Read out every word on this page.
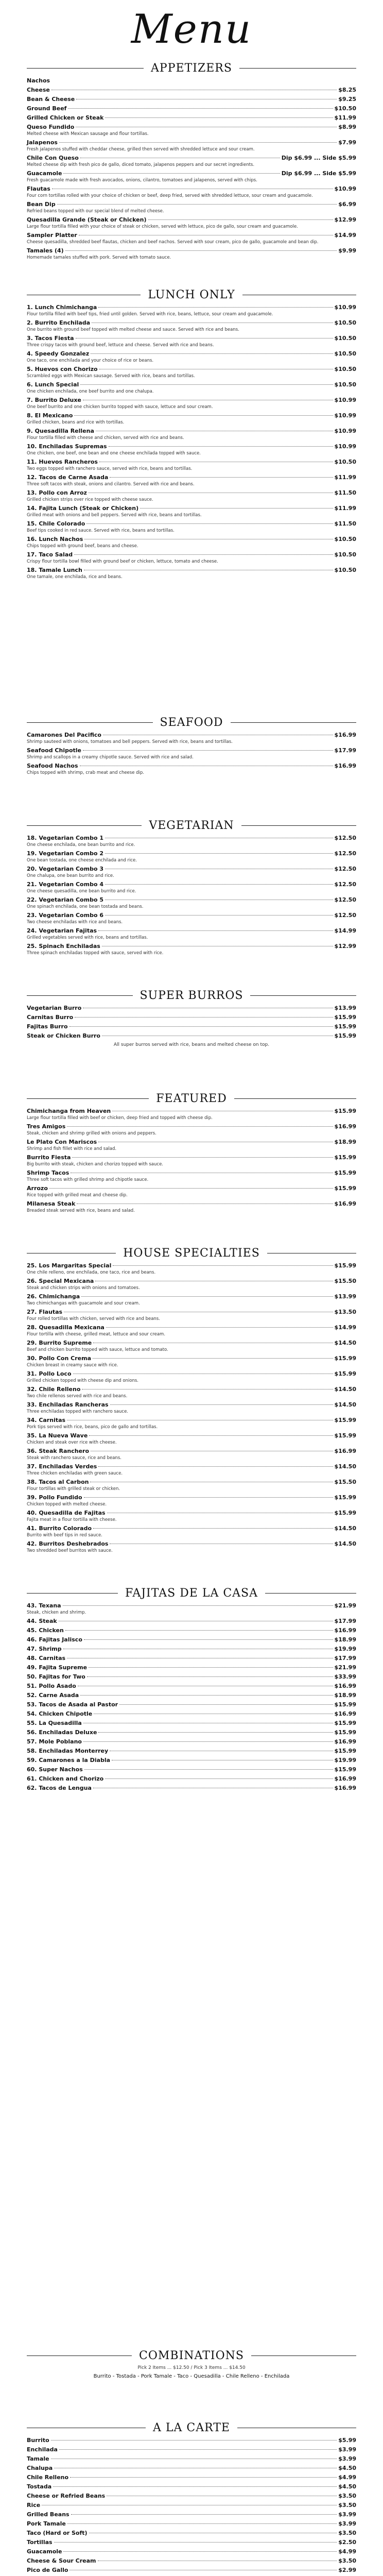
Menu
APPETIZERS
Nachos
Cheese	$8.25
Bean & Cheese	$9.25
Ground Beef	$10.50
Grilled Chicken or Steak	$11.99
Queso Fundido	$8.99
Melted cheese with Mexican sausage and flour tortillas.
Jalapenos	$7.99
Fresh jalapenos stuffed with cheddar cheese, grilled then served with shredded lettuce and sour cream.
Chile Con Queso	Dip $6.99 ... Side $5.99
Melted cheese dip with fresh pico de gallo, diced tomato, jalapenos peppers and our secret ingredients.
Guacamole	Dip $6.99 ... Side $5.99
Fresh guacamole made with fresh avocados, onions, cilantro, tomatoes and jalapenos, served with chips.
Flautas	$10.99
Four corn tortillas rolled with your choice of chicken or beef, deep fried, served with shredded lettuce, sour cream and guacamole.
Bean Dip	$6.99
Refried beans topped with our special blend of melted cheese.
Quesadilla Grande (Steak or Chicken)	$12.99
Large flour tortilla filled with your choice of steak or chicken, served with lettuce, pico de gallo, sour cream and guacamole.
Sampler Platter	$14.99
Cheese quesadilla, shredded beef flautas, chicken and beef nachos. Served with sour cream, pico de gallo, guacamole and bean dip.
Tamales (4)	$9.99
Homemade tamales stuffed with pork. Served with tomato sauce.
LUNCH ONLY
1. Lunch Chimichanga	$10.99
Flour tortilla filled with beef tips, fried until golden. Served with rice, beans, lettuce, sour cream and guacamole.
2. Burrito Enchilada	$10.50
One burrito with ground beef topped with melted cheese and sauce. Served with rice and beans.
3. Tacos Fiesta	$10.50
Three crispy tacos with ground beef, lettuce and cheese. Served with rice and beans.
4. Speedy Gonzalez	$10.50
One taco, one enchilada and your choice of rice or beans.
5. Huevos con Chorizo	$10.50
Scrambled eggs with Mexican sausage. Served with rice, beans and tortillas.
6. Lunch Special	$10.50
One chicken enchilada, one beef burrito and one chalupa.
7. Burrito Deluxe	$10.99
One beef burrito and one chicken burrito topped with sauce, lettuce and sour cream.
8. El Mexicano	$10.99
Grilled chicken, beans and rice with tortillas.
9. Quesadilla Rellena	$10.99
Flour tortilla filled with cheese and chicken, served with rice and beans.
10. Enchiladas Supremas	$10.99
One chicken, one beef, one bean and one cheese enchilada topped with sauce.
11. Huevos Rancheros	$10.50
Two eggs topped with ranchero sauce, served with rice, beans and tortillas.
12. Tacos de Carne Asada	$11.99
Three soft tacos with steak, onions and cilantro. Served with rice and beans.
13. Pollo con Arroz	$11.50
Grilled chicken strips over rice topped with cheese sauce.
14. Fajita Lunch (Steak or Chicken)	$11.99
Grilled meat with onions and bell peppers. Served with rice, beans and tortillas.
15. Chile Colorado	$11.50
Beef tips cooked in red sauce. Served with rice, beans and tortillas.
16. Lunch Nachos	$10.50
Chips topped with ground beef, beans and cheese.
17. Taco Salad	$10.50
Crispy flour tortilla bowl filled with ground beef or chicken, lettuce, tomato and cheese.
18. Tamale Lunch	$10.50
One tamale, one enchilada, rice and beans.
SEAFOOD
Camarones Del Pacifico	$16.99
Shrimp sauteed with onions, tomatoes and bell peppers. Served with rice, beans and tortillas.
Seafood Chipotle	$17.99
Shrimp and scallops in a creamy chipotle sauce. Served with rice and salad.
Seafood Nachos	$16.99
Chips topped with shrimp, crab meat and cheese dip.
VEGETARIAN
18. Vegetarian Combo 1	$12.50
One cheese enchilada, one bean burrito and rice.
19. Vegetarian Combo 2	$12.50
One bean tostada, one cheese enchilada and rice.
20. Vegetarian Combo 3	$12.50
One chalupa, one bean burrito and rice.
21. Vegetarian Combo 4	$12.50
One cheese quesadilla, one bean burrito and rice.
22. Vegetarian Combo 5	$12.50
One spinach enchilada, one bean tostada and beans.
23. Vegetarian Combo 6	$12.50
Two cheese enchiladas with rice and beans.
24. Vegetarian Fajitas	$14.99
Grilled vegetables served with rice, beans and tortillas.
25. Spinach Enchiladas	$12.99
Three spinach enchiladas topped with sauce, served with rice.
SUPER BURROS
Vegetarian Burro	$13.99
Carnitas Burro	$15.99
Fajitas Burro	$15.99
Steak or Chicken Burro	$15.99
All super burros served with rice, beans and melted cheese on top.
FEATURED
Chimichanga from Heaven	$15.99
Large flour tortilla filled with beef or chicken, deep fried and topped with cheese dip.
Tres Amigos	$16.99
Steak, chicken and shrimp grilled with onions and peppers.
Le Plato Con Mariscos	$18.99
Shrimp and fish fillet with rice and salad.
Burrito Fiesta	$15.99
Big burrito with steak, chicken and chorizo topped with sauce.
Shrimp Tacos	$15.99
Three soft tacos with grilled shrimp and chipotle sauce.
Arrozo	$15.99
Rice topped with grilled meat and cheese dip.
Milanesa Steak	$16.99
Breaded steak served with rice, beans and salad.
HOUSE SPECIALTIES
25. Los Margaritas Special	$15.99
One chile relleno, one enchilada, one taco, rice and beans.
26. Special Mexicana	$15.50
Steak and chicken strips with onions and tomatoes.
26. Chimichanga	$13.99
Two chimichangas with guacamole and sour cream.
27. Flautas	$13.50
Four rolled tortillas with chicken, served with rice and beans.
28. Quesadilla Mexicana	$14.99
Flour tortilla with cheese, grilled meat, lettuce and sour cream.
29. Burrito Supreme	$14.50
Beef and chicken burrito topped with sauce, lettuce and tomato.
30. Pollo Con Crema	$15.99
Chicken breast in creamy sauce with rice.
31. Pollo Loco	$15.99
Grilled chicken topped with cheese dip and onions.
32. Chile Relleno	$14.50
Two chile rellenos served with rice and beans.
33. Enchiladas Rancheras	$14.50
Three enchiladas topped with ranchero sauce.
34. Carnitas	$15.99
Pork tips served with rice, beans, pico de gallo and tortillas.
35. La Nueva Wave	$15.99
Chicken and steak over rice with cheese.
36. Steak Ranchero	$16.99
Steak with ranchero sauce, rice and beans.
37. Enchiladas Verdes	$14.50
Three chicken enchiladas with green sauce.
38. Tacos al Carbon	$15.50
Flour tortillas with grilled steak or chicken.
39. Pollo Fundido	$15.99
Chicken topped with melted cheese.
40. Quesadilla de Fajitas	$15.99
Fajita meat in a flour tortilla with cheese.
41. Burrito Colorado	$14.50
Burrito with beef tips in red sauce.
42. Burritos Deshebrados	$14.50
Two shredded beef burritos with sauce.
FAJITAS DE LA CASA
43. Texana	$21.99
Steak, chicken and shrimp.
44. Steak	$17.99
45. Chicken	$16.99
46. Fajitas Jalisco	$18.99
47. Shrimp	$19.99
48. Carnitas	$17.99
49. Fajita Supreme	$21.99
50. Fajitas for Two	$33.99
51. Pollo Asado	$16.99
52. Carne Asada	$18.99
53. Tacos de Asada al Pastor	$15.99
54. Chicken Chipotle	$16.99
55. La Quesadilla	$15.99
56. Enchiladas Deluxe	$15.99
57. Mole Poblano	$16.99
58. Enchiladas Monterrey	$15.99
59. Camarones a la Diabla	$19.99
60. Super Nachos	$15.99
61. Chicken and Chorizo	$16.99
62. Tacos de Lengua	$16.99
COMBINATIONS
Pick 2 Items ... $12.50 / Pick 3 Items ... $14.50
Burrito - Tostada - Pork Tamale - Taco - Quesadilla - Chile Relleno - Enchilada
A LA CARTE
Burrito	$5.99
Enchilada	$3.99
Tamale	$3.99
Chalupa	$4.50
Chile Relleno	$4.99
Tostada	$4.50
Cheese or Refried Beans	$3.50
Rice	$3.50
Grilled Beans	$3.99
Pork Tamale	$3.99
Taco (Hard or Soft)	$3.50
Tortillas	$2.50
Guacamole	$4.99
Cheese & Sour Cream	$3.50
Pico de Gallo	$2.99
